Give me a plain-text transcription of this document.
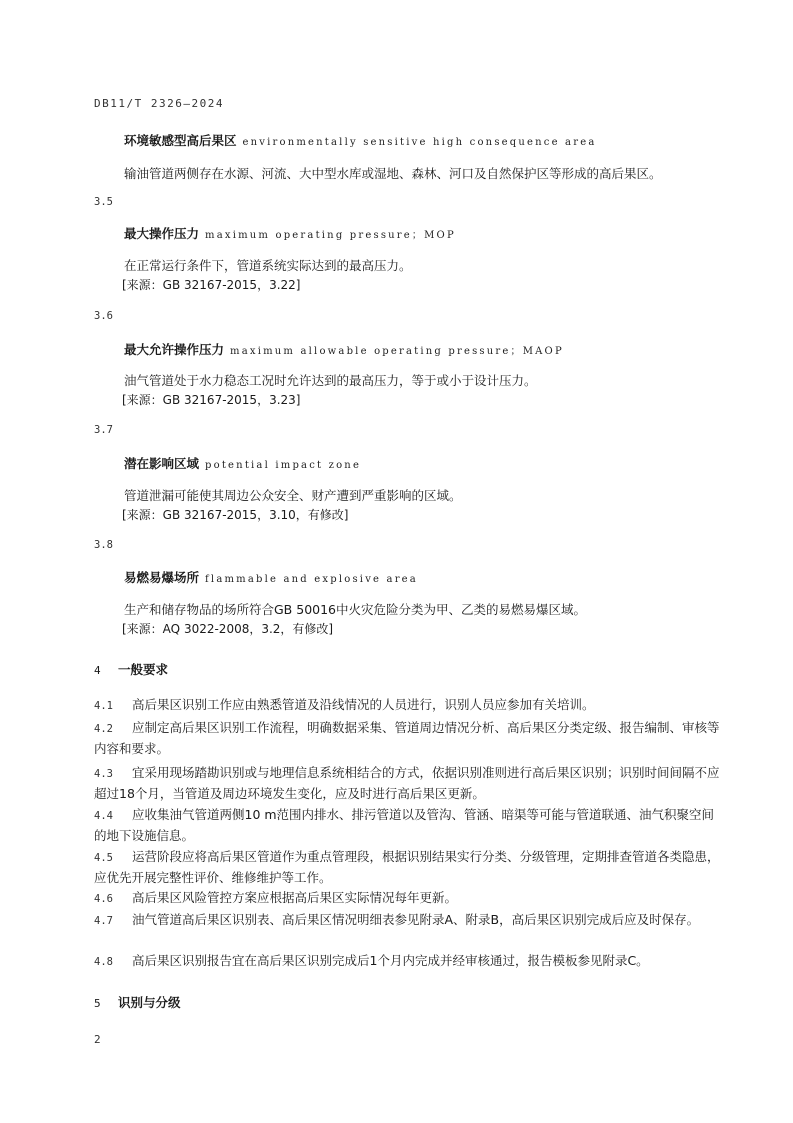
DB11/T 2326—2024
环境敏感型高后果区 environmentally sensitive high consequence area
输油管道两侧存在水源、河流、大中型水库或湿地、森林、河口及自然保护区等形成的高后果区。
3.5
最大操作压力 maximum operating pressure；MOP
在正常运行条件下，管道系统实际达到的最高压力。
[来源：GB 32167-2015，3.22]
3.6
最大允许操作压力 maximum allowable operating pressure；MAOP
油气管道处于水力稳态工况时允许达到的最高压力，等于或小于设计压力。
[来源：GB 32167-2015，3.23]
3.7
潜在影响区域 potential impact zone
管道泄漏可能使其周边公众安全、财产遭到严重影响的区域。
[来源：GB 32167-2015，3.10，有修改]
3.8
易燃易爆场所 flammable and explosive area
生产和储存物品的场所符合GB 50016中火灾危险分类为甲、乙类的易燃易爆区域。
[来源：AQ 3022-2008，3.2，有修改]
4 一般要求
4.1 高后果区识别工作应由熟悉管道及沿线情况的人员进行，识别人员应参加有关培训。
4.2 应制定高后果区识别工作流程，明确数据采集、管道周边情况分析、高后果区分类定级、报告编制、审核等内容和要求。
4.3 宜采用现场踏勘识别或与地理信息系统相结合的方式，依据识别准则进行高后果区识别；识别时间间隔不应超过18个月，当管道及周边环境发生变化，应及时进行高后果区更新。
4.4 应收集油气管道两侧10 m范围内排水、排污管道以及管沟、管涵、暗渠等可能与管道联通、油气积聚空间的地下设施信息。
4.5 运营阶段应将高后果区管道作为重点管理段，根据识别结果实行分类、分级管理，定期排查管道各类隐患，应优先开展完整性评价、维修维护等工作。
4.6 高后果区风险管控方案应根据高后果区实际情况每年更新。
4.7 油气管道高后果区识别表、高后果区情况明细表参见附录A、附录B，高后果区识别完成后应及时保存。
4.8 高后果区识别报告宜在高后果区识别完成后1个月内完成并经审核通过，报告模板参见附录C。
5 识别与分级
2
